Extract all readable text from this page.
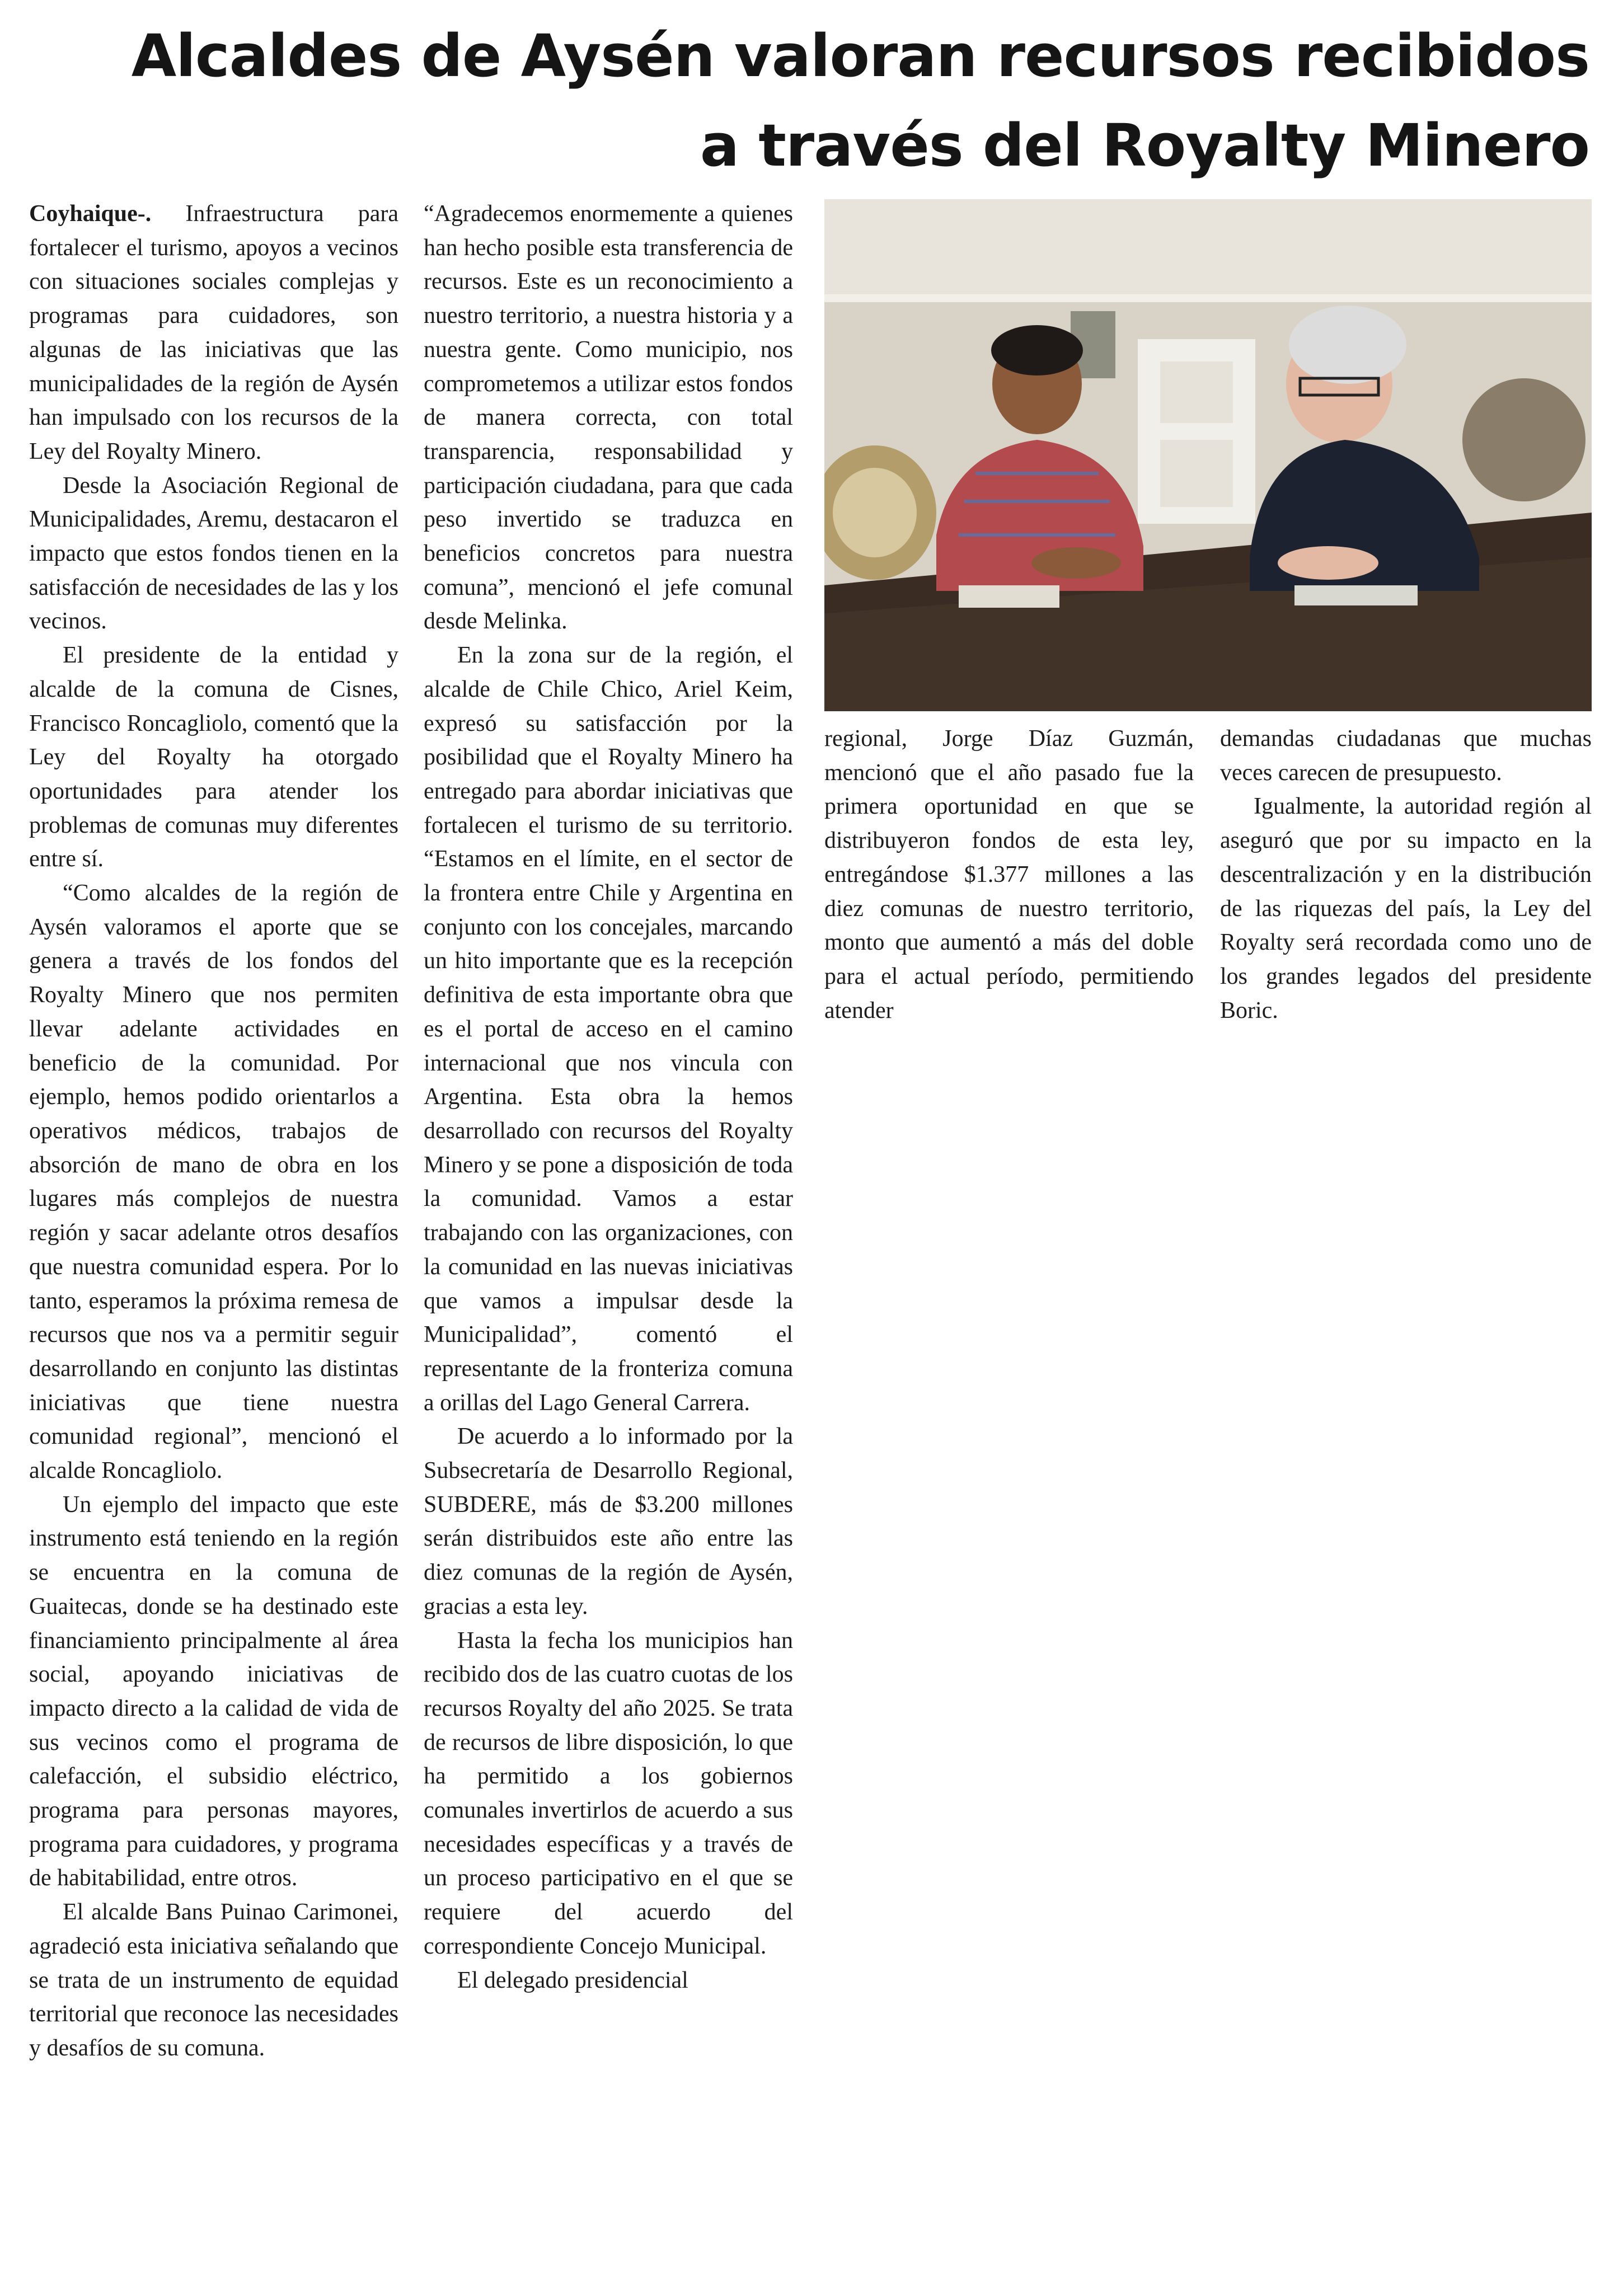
Alcaldes de Aysén valoran recursos recibidos
a través del Royalty Minero

Coyhaique-. Infraestructura para fortalecer el turismo, apoyos a vecinos con situaciones sociales complejas y programas para cuidadores, son algunas de las iniciativas que las municipalidades de la región de Aysén han impulsado con los recursos de la Ley del Royalty Minero.

Desde la Asociación Regional de Municipalidades, Aremu, destacaron el impacto que estos fondos tienen en la satisfacción de necesidades de las y los vecinos.

El presidente de la entidad y alcalde de la comuna de Cisnes, Francisco Roncagliolo, comentó que la Ley del Royalty ha otorgado oportunidades para atender los problemas de comunas muy diferentes entre sí.

“Como alcaldes de la región de Aysén valoramos el aporte que se genera a través de los fondos del Royalty Minero que nos permiten llevar adelante actividades en beneficio de la comunidad. Por ejemplo, hemos podido orientarlos a operativos médicos, trabajos de absorción de mano de obra en los lugares más complejos de nuestra región y sacar adelante otros desafíos que nuestra comunidad espera. Por lo tanto, esperamos la próxima remesa de recursos que nos va a permitir seguir desarrollando en conjunto las distintas iniciativas que tiene nuestra comunidad regional”, mencionó el alcalde Roncagliolo.

Un ejemplo del impacto que este instrumento está teniendo en la región se encuentra en la comuna de Guaitecas, donde se ha destinado este financiamiento principalmente al área social, apoyando iniciativas de impacto directo a la calidad de vida de sus vecinos como el programa de calefacción, el subsidio eléctrico, programa para personas mayores, programa para cuidadores, y programa de habitabilidad, entre otros.

El alcalde Bans Puinao Carimonei, agradeció esta iniciativa señalando que se trata de un instrumento de equidad territorial que reconoce las necesidades y desafíos de su comuna.

“Agradecemos enormemente a quienes han hecho posible esta transferencia de recursos. Este es un reconocimiento a nuestro territorio, a nuestra historia y a nuestra gente. Como municipio, nos comprometemos a utilizar estos fondos de manera correcta, con total transparencia, responsabilidad y participación ciudadana, para que cada peso invertido se traduzca en beneficios concretos para nuestra comuna”, mencionó el jefe comunal desde Melinka.

En la zona sur de la región, el alcalde de Chile Chico, Ariel Keim, expresó su satisfacción por la posibilidad que el Royalty Minero ha entregado para abordar iniciativas que fortalecen el turismo de su territorio. “Estamos en el límite, en el sector de la frontera entre Chile y Argentina en conjunto con los concejales, marcando un hito importante que es la recepción definitiva de esta importante obra que es el portal de acceso en el camino internacional que nos vincula con Argentina. Esta obra la hemos desarrollado con recursos del Royalty Minero y se pone a disposición de toda la comunidad. Vamos a estar trabajando con las organizaciones, con la comunidad en las nuevas iniciativas que vamos a impulsar desde la Municipalidad”, comentó el representante de la fronteriza comuna a orillas del Lago General Carrera.

De acuerdo a lo informado por la Subsecretaría de Desarrollo Regional, SUBDERE, más de $3.200 millones serán distribuidos este año entre las diez comunas de la región de Aysén, gracias a esta ley.

Hasta la fecha los municipios han recibido dos de las cuatro cuotas de los recursos Royalty del año 2025. Se trata de recursos de libre disposición, lo que ha permitido a los gobiernos comunales invertirlos de acuerdo a sus necesidades específicas y a través de un proceso participativo en el que se requiere del acuerdo del correspondiente Concejo Municipal.

El delegado presidencial

regional, Jorge Díaz Guzmán, mencionó que el año pasado fue la primera oportunidad en que se distribuyeron fondos de esta ley, entregándose $1.377 millones a las diez comunas de nuestro territorio, monto que aumentó a más del doble para el actual período, permitiendo atender

demandas ciudadanas que muchas veces carecen de presupuesto.

Igualmente, la autoridad región al aseguró que por su impacto en la descentralización y en la distribución de las riquezas del país, la Ley del Royalty será recordada como uno de los grandes legados del presidente Boric.
